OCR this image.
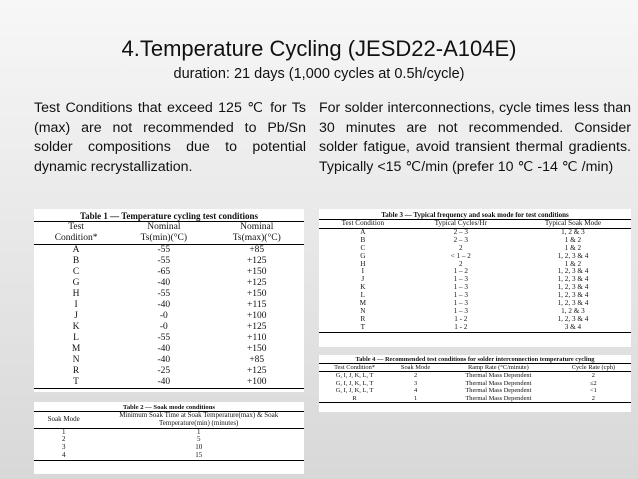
4.Temperature Cycling (JESD22-A104E)
duration: 21 days (1,000 cycles at 0.5h/cycle)
Test Conditions that exceed 125 ℃ for Ts (max) are not recommended to Pb/Sn solder compositions due to potential dynamic recrystallization.
For solder interconnections, cycle times less than 30 minutes are not recommended. Consider solder fatigue, avoid transient thermal gradients. Typically <15 ℃/min (prefer 10 ℃ -14 ℃ /min)
Table 1 — Temperature cycling test conditions
Test	Nominal	Nominal
Condition*	Ts(min)(°C)	Ts(max)(°C)
A	-55	+85
B	-55	+125
C	-65	+150
G	-40	+125
H	-55	+150
I	-40	+115
J	-0	+100
K	-0	+125
L	-55	+110
M	-40	+150
N	-40	+85
R	-25	+125
T	-40	+100
Table 2 — Soak mode conditions
Soak Mode	Minimum Soak Time at Soak Temperature(max) & Soak Temperature(min) (minutes)
1	1
2	5
3	10
4	15
Table 3 — Typical frequency and soak mode for test conditions
Test Condition	Typical Cycles/Hr	Typical Soak Mode
A	2 – 3	1, 2 & 3
B	2 – 3	1 & 2
C	2	1 & 2
G	< 1 – 2	1, 2, 3 & 4
H	2	1 & 2
I	1 – 2	1, 2, 3 & 4
J	1 – 3	1, 2, 3 & 4
K	1 – 3	1, 2, 3 & 4
L	1 – 3	1, 2, 3 & 4
M	1 – 3	1, 2, 3 & 4
N	1 – 3	1, 2 & 3
R	1 - 2	1, 2, 3 & 4
T	1 - 2	3 & 4
Table 4 — Recommended test conditions for solder interconnection temperature cycling
Test Condition*	Soak Mode	Ramp Rate (°C/minute)	Cycle Rate (cph)
G, I, J, K, L, T	2	Thermal Mass Dependent	2
G, I, J, K, L, T	3	Thermal Mass Dependent	≤2
G, I, J, K, L, T	4	Thermal Mass Dependent	<1
R	1	Thermal Mass Dependent	2
